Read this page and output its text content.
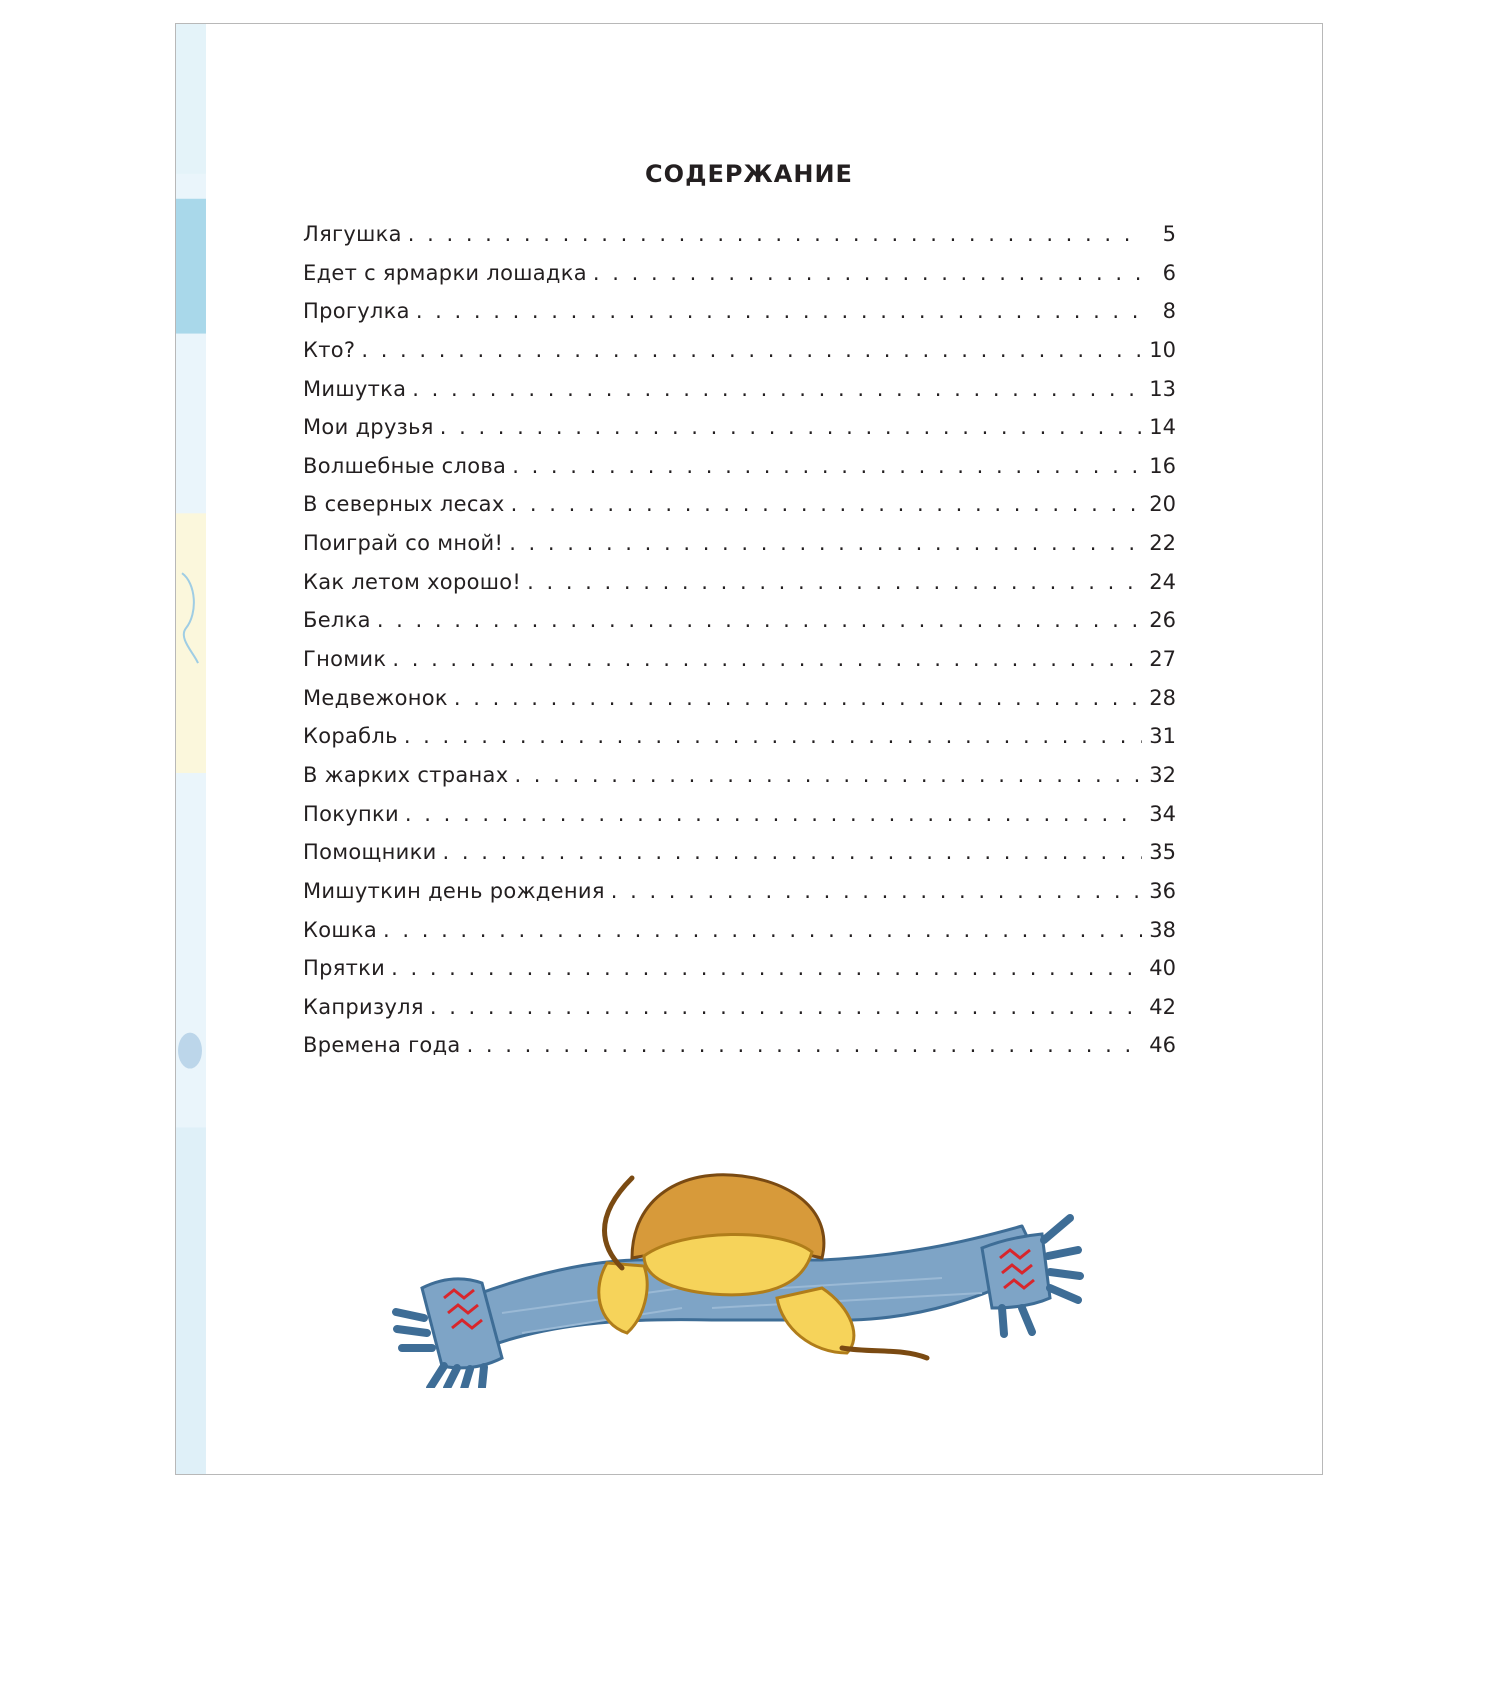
СОДЕРЖАНИЕ
Лягушка . . .	5
Едет с ярмарки лошадка . . .	6
Прогулка . . .	8
Кто? . . .	10
Мишутка . . .	13
Мои друзья . . .	14
Волшебные слова . . .	16
В северных лесах . . .	20
Поиграй со мной! . . .	22
Как летом хорошо! . . .	24
Белка . . .	26
Гномик . . .	27
Медвежонок . . .	28
Корабль . . .	31
В жарких странах . . .	32
Покупки . . .	34
Помощники . . .	35
Мишуткин день рождения . . .	36
Кошка . . .	38
Прятки . . .	40
Капризуля . . .	42
Времена года . . .	46
